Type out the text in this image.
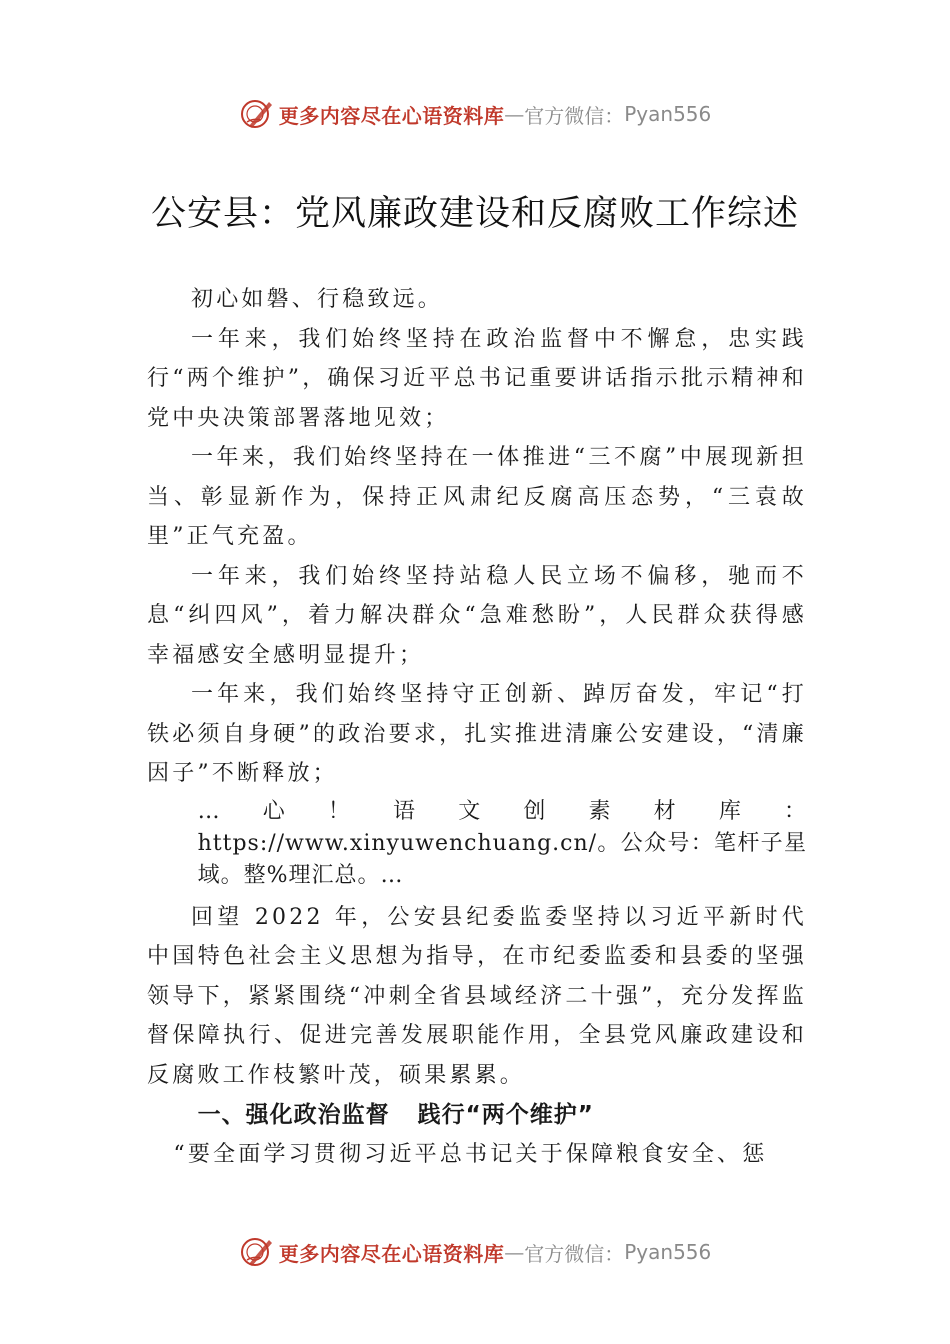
更多内容尽在心语资料库 — 官方微信： Pyan556
公安县：党风廉政建设和反腐败工作综述

初心如磐、行稳致远。

一年来，我们始终坚持在政治监督中不懈怠，忠实践行“两个维护”，确保习近平总书记重要讲话指示批示精神和党中央决策部署落地见效；

一年来，我们始终坚持在一体推进“三不腐”中展现新担当、彰显新作为，保持正风肃纪反腐高压态势，“三袁故里”正气充盈。

一年来，我们始终坚持站稳人民立场不偏移，驰而不息“纠四风”，着力解决群众“急难愁盼”，人民群众获得感幸福感安全感明显提升；

一年来，我们始终坚持守正创新、踔厉奋发，牢记“打铁必须自身硬”的政治要求，扎实推进清廉公安建设，“清廉因子”不断释放；

…心！语文创素材库：https://www.xinyuwenchuang.cn/。公众号：笔杆子星域。整%理汇总。…

回望 2022 年，公安县纪委监委坚持以习近平新时代中国特色社会主义思想为指导，在市纪委监委和县委的坚强领导下，紧紧围绕“冲刺全省县域经济二十强”，充分发挥监督保障执行、促进完善发展职能作用，全县党风廉政建设和反腐败工作枝繁叶茂，硕果累累。

一、强化政治监督 践行“两个维护”

“要全面学习贯彻习近平总书记关于保障粮食安全、惩

更多内容尽在心语资料库 — 官方微信： Pyan556
